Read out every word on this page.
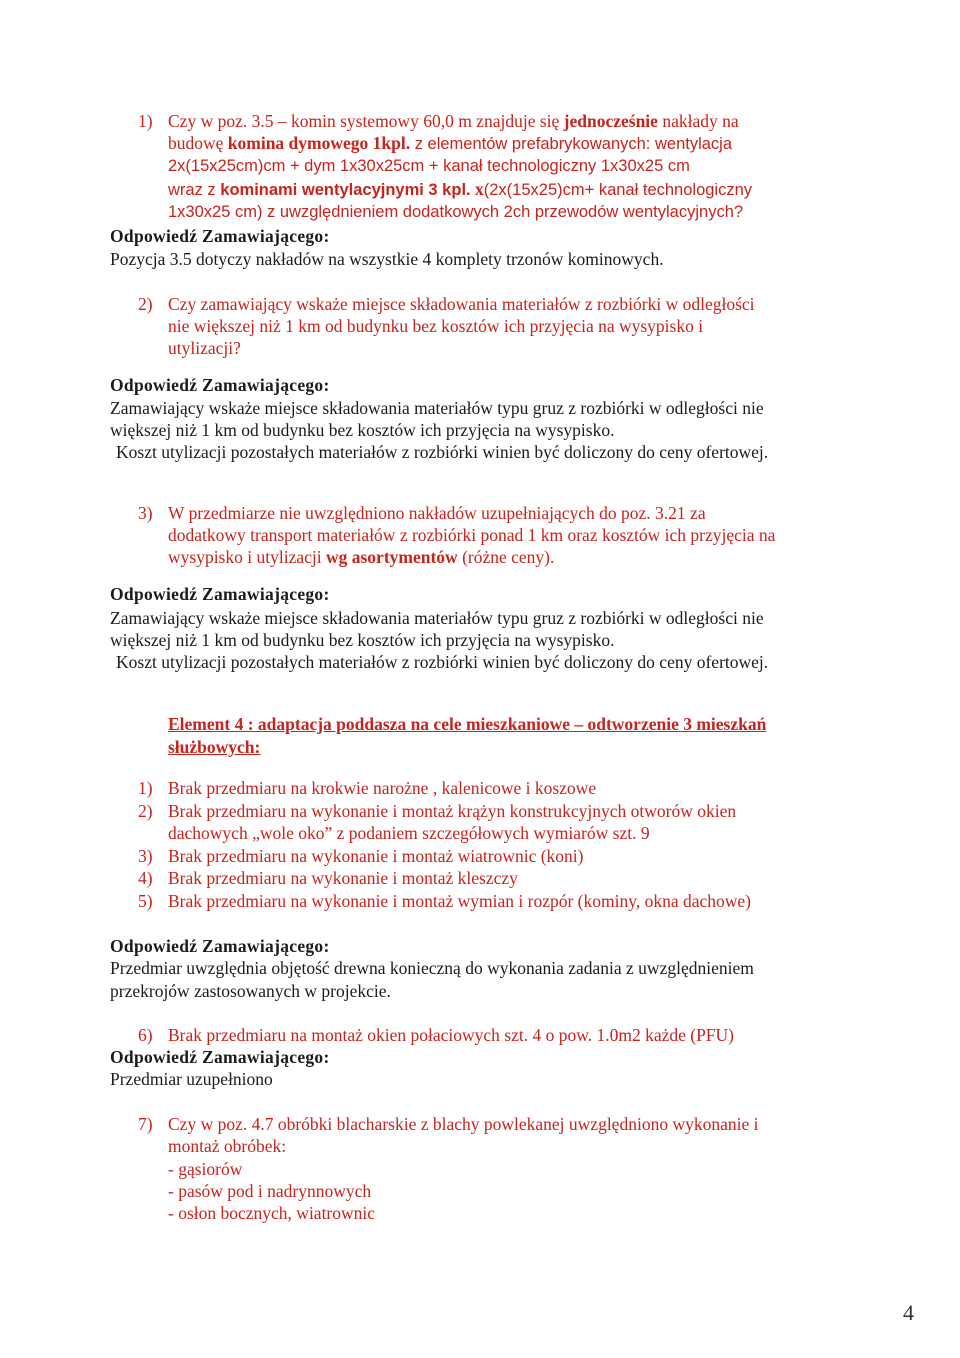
1) Czy w poz. 3.5 – komin systemowy 60,0 m znajduje się jednocześnie nakłady na
budowę komina dymowego 1kpl. z elementów prefabrykowanych: wentylacja
2x(15x25cm)cm + dym 1x30x25cm + kanał technologiczny 1x30x25 cm
wraz z kominami wentylacyjnymi 3 kpl. x(2x(15x25)cm+ kanał technologiczny
1x30x25 cm) z uwzględnieniem dodatkowych 2ch przewodów wentylacyjnych?
Odpowiedź Zamawiającego:
Pozycja 3.5 dotyczy nakładów na wszystkie 4 komplety trzonów kominowych.
2) Czy zamawiający wskaże miejsce składowania materiałów z rozbiórki w odległości
nie większej niż 1 km od budynku bez kosztów ich przyjęcia na wysypisko i
utylizacji?
Odpowiedź Zamawiającego:
Zamawiający wskaże miejsce składowania materiałów typu gruz z rozbiórki w odległości nie
większej niż 1 km od budynku bez kosztów ich przyjęcia na wysypisko.
Koszt utylizacji pozostałych materiałów z rozbiórki winien być doliczony do ceny ofertowej.
3) W przedmiarze nie uwzględniono nakładów uzupełniających do poz. 3.21 za
dodatkowy transport materiałów z rozbiórki ponad 1 km oraz kosztów ich przyjęcia na
wysypisko i utylizacji wg asortymentów (różne ceny).
Odpowiedź Zamawiającego:
Zamawiający wskaże miejsce składowania materiałów typu gruz z rozbiórki w odległości nie
większej niż 1 km od budynku bez kosztów ich przyjęcia na wysypisko.
Koszt utylizacji pozostałych materiałów z rozbiórki winien być doliczony do ceny ofertowej.
Element 4 : adaptacja poddasza na cele mieszkaniowe – odtworzenie 3 mieszkań
służbowych:
1) Brak przedmiaru na krokwie narożne , kalenicowe i koszowe
2) Brak przedmiaru na wykonanie i montaż krążyn konstrukcyjnych otworów okien
dachowych „wole oko” z podaniem szczegółowych wymiarów szt. 9
3) Brak przedmiaru na wykonanie i montaż wiatrownic (koni)
4) Brak przedmiaru na wykonanie i montaż kleszczy
5) Brak przedmiaru na wykonanie i montaż wymian i rozpór (kominy, okna dachowe)
Odpowiedź Zamawiającego:
Przedmiar uwzględnia objętość drewna konieczną do wykonania zadania z uwzględnieniem
przekrojów zastosowanych w projekcie.
6) Brak przedmiaru na montaż okien połaciowych szt. 4 o pow. 1.0m2 każde (PFU)
Odpowiedź Zamawiającego:
Przedmiar uzupełniono
7) Czy w poz. 4.7 obróbki blacharskie z blachy powlekanej uwzględniono wykonanie i
montaż obróbek:
- gąsiorów
- pasów pod i nadrynnowych
- osłon bocznych, wiatrownic
4
